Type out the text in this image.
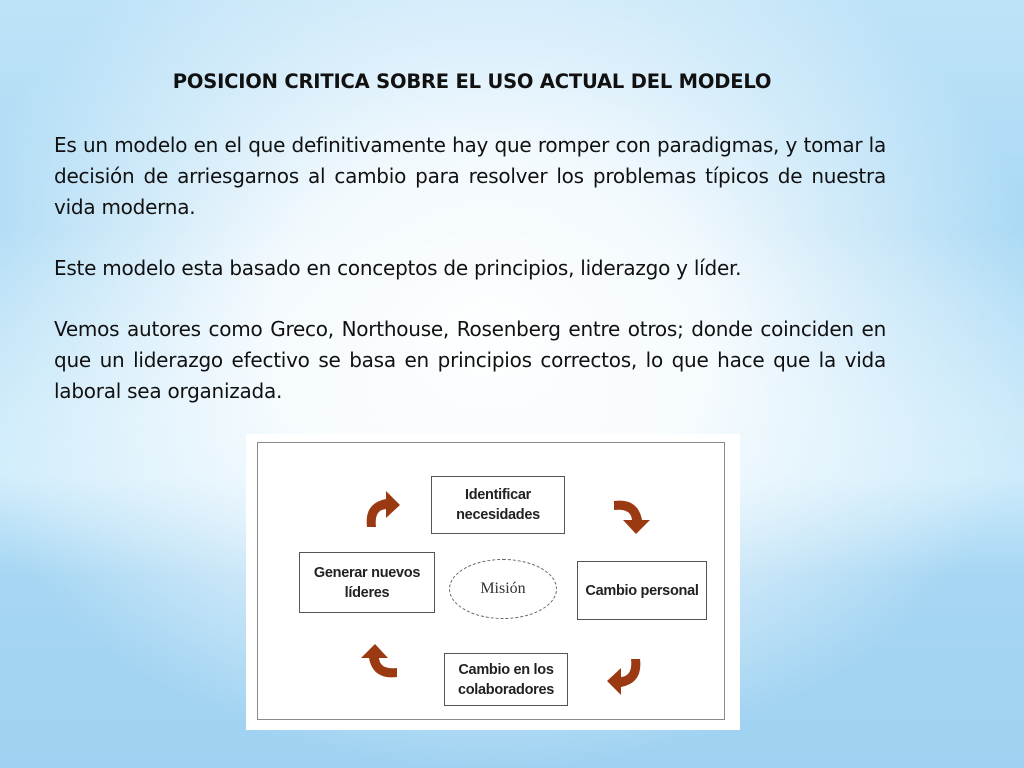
POSICION CRITICA SOBRE EL USO ACTUAL DEL MODELO
Es un modelo en el que definitivamente hay que romper con paradigmas, y tomar la decisión de arriesgarnos al cambio para resolver los problemas típicos de nuestra vida moderna.
Este modelo esta basado en conceptos de principios, liderazgo y líder.
Vemos autores como Greco, Northouse, Rosenberg entre otros; donde coinciden en que un liderazgo efectivo se basa en principios correctos, lo que hace que la vida laboral sea organizada.
Identificar necesidades
Cambio personal
Cambio en los colaboradores
Generar nuevos líderes	Misión
